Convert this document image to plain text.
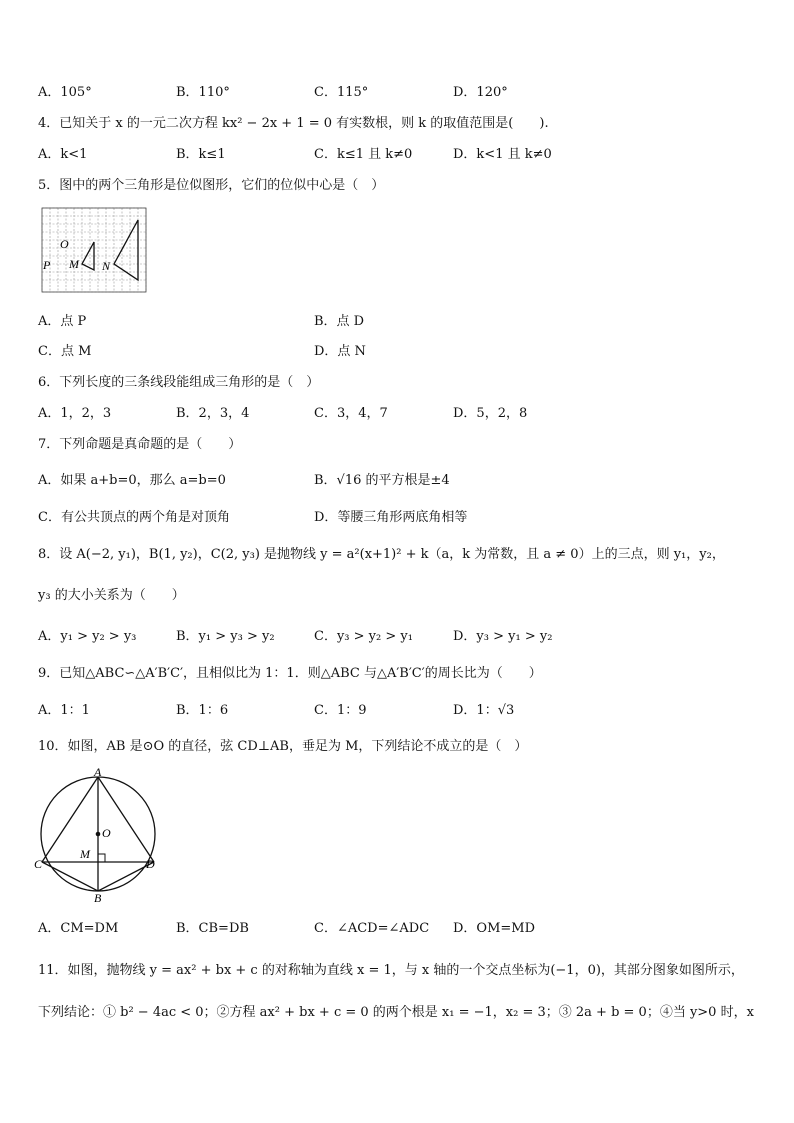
A．105°	B．110°	C．115°	D．120°
4．已知关于 x 的一元二次方程 kx² − 2x + 1 = 0 有实数根，则 k 的取值范围是(　　).
A．k<1	B．k≤1	C．k≤1 且 k≠0	D．k<1 且 k≠0
5．图中的两个三角形是位似图形，它们的位似中心是（　）
O
P M N
A．点 P	B．点 D
C．点 M	D．点 N
6．下列长度的三条线段能组成三角形的是（　）
A．1，2，3	B．2，3，4	C．3，4，7	D．5，2，8
7．下列命题是真命题的是（　　）
A．如果 a+b=0，那么 a=b=0	B．√16 的平方根是±4
C．有公共顶点的两个角是对顶角	D．等腰三角形两底角相等
8．设 A(−2, y₁)，B(1, y₂)，C(2, y₃) 是抛物线 y = a²(x+1)² + k（a，k 为常数，且 a ≠ 0）上的三点，则 y₁，y₂，
y₃ 的大小关系为（　　）
A．y₁ > y₂ > y₃	B．y₁ > y₃ > y₂	C．y₃ > y₂ > y₁	D．y₃ > y₁ > y₂
9．已知△ABC∽△A′B′C′，且相似比为 1：1．则△ABC 与△A′B′C′的周长比为（　　）
A．1：1	B．1：6	C．1：9	D．1：√3
10．如图，AB 是⊙O 的直径，弦 CD⊥AB，垂足为 M，下列结论不成立的是（　）
A
O
M
C	D
B
A．CM=DM	B．CB=DB	C．∠ACD=∠ADC D．OM=MD
11．如图，抛物线 y = ax² + bx + c 的对称轴为直线 x = 1，与 x 轴的一个交点坐标为(−1，0)，其部分图象如图所示，
下列结论：① b² − 4ac < 0；②方程 ax² + bx + c = 0 的两个根是 x₁ = −1，x₂ = 3；③ 2a + b = 0；④当 y>0 时，x
